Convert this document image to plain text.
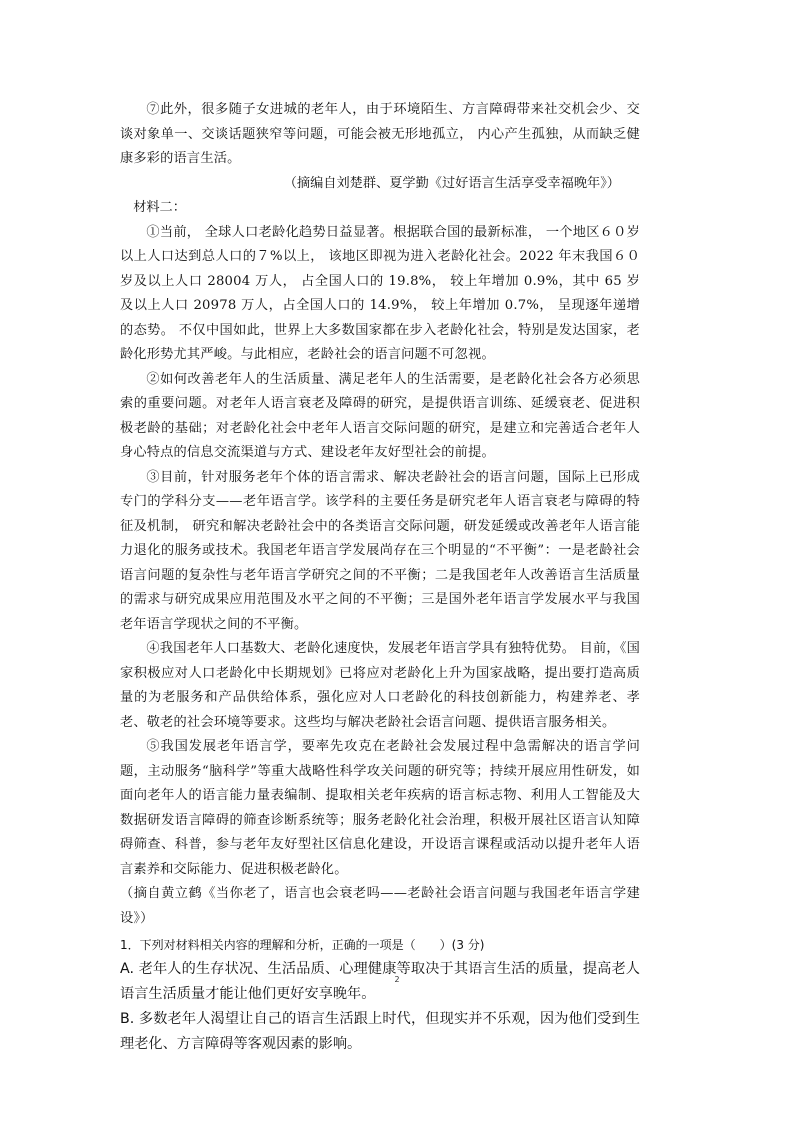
⑦此外，很多随子女进城的老年人，由于环境陌生、方言障碍带来社交机会少、交谈对象单一、交谈话题狭窄等问题，可能会被无形地孤立， 内心产生孤独，从而缺乏健康多彩的语言生活。

（摘编自刘楚群、夏学勤《过好语言生活享受幸福晚年》）

材料二：

①当前， 全球人口老龄化趋势日益显著。根据联合国的最新标准， 一个地区６０岁以上人口达到总人口的７%以上， 该地区即视为进入老龄化社会。2022 年末我国６０岁及以上人口 28004 万人， 占全国人口的 19.8%， 较上年增加 0.9%，其中 65 岁及以上人口 20978 万人，占全国人口的 14.9%， 较上年增加 0.7%， 呈现逐年递增的态势。 不仅中国如此，世界上大多数国家都在步入老龄化社会，特别是发达国家，老龄化形势尤其严峻。与此相应，老龄社会的语言问题不可忽视。

②如何改善老年人的生活质量、满足老年人的生活需要，是老龄化社会各方必须思索的重要问题。对老年人语言衰老及障碍的研究，是提供语言训练、延缓衰老、促进积极老龄的基础；对老龄化社会中老年人语言交际问题的研究，是建立和完善适合老年人身心特点的信息交流渠道与方式、建设老年友好型社会的前提。

③目前，针对服务老年个体的语言需求、解决老龄社会的语言问题，国际上已形成专门的学科分支——老年语言学。该学科的主要任务是研究老年人语言衰老与障碍的特征及机制， 研究和解决老龄社会中的各类语言交际问题，研发延缓或改善老年人语言能力退化的服务或技术。我国老年语言学发展尚存在三个明显的“不平衡”：一是老龄社会语言问题的复杂性与老年语言学研究之间的不平衡；二是我国老年人改善语言生活质量的需求与研究成果应用范围及水平之间的不平衡；三是国外老年语言学发展水平与我国老年语言学现状之间的不平衡。

④我国老年人口基数大、老龄化速度快，发展老年语言学具有独特优势。 目前，《国家积极应对人口老龄化中长期规划》已将应对老龄化上升为国家战略，提出要打造高质量的为老服务和产品供给体系，强化应对人口老龄化的科技创新能力，构建养老、孝老、敬老的社会环境等要求。这些均与解决老龄社会语言问题、提供语言服务相关。

⑤我国发展老年语言学，要率先攻克在老龄社会发展过程中急需解决的语言学问题，主动服务“脑科学”等重大战略性科学攻关问题的研究等；持续开展应用性研发，如面向老年人的语言能力量表编制、提取相关老年疾病的语言标志物、利用人工智能及大数据研发语言障碍的筛查诊断系统等；服务老龄化社会治理，积极开展社区语言认知障碍筛查、科普，参与老年友好型社区信息化建设，开设语言课程或活动以提升老年人语言素养和交际能力、促进积极老龄化。

（摘自黄立鹤《当你老了，语言也会衰老吗——老龄社会语言问题与我国老年语言学建设》）

1．下列对材料相关内容的理解和分析，正确的一项是（　　）(3 分)

A. 老年人的生存状况、生活品质、心理健康等取决于其语言生活的质量，提高老人语言生活质量才能让他们更好安享晚年。

B. 多数老年人渴望让自己的语言生活跟上时代，但现实并不乐观，因为他们受到生理老化、方言障碍等客观因素的影响。

2
